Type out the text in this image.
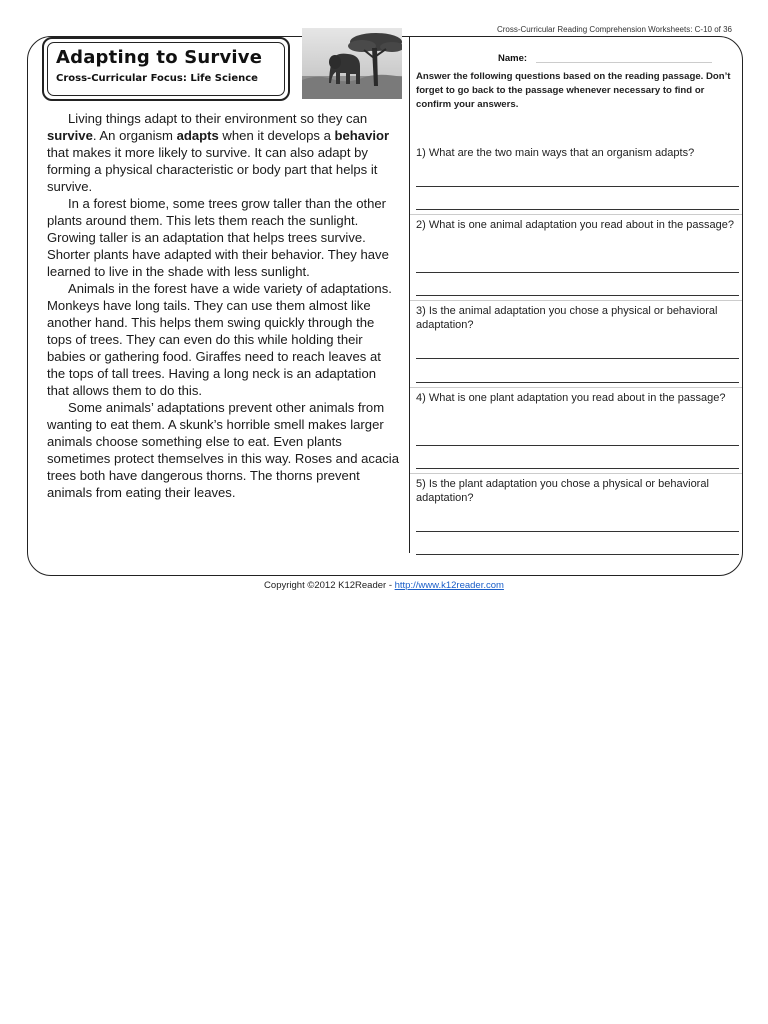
Cross-Curricular Reading Comprehension Worksheets: C-10 of 36
Adapting to Survive
Cross-Curricular Focus: Life Science

Living things adapt to their environment so they can survive. An organism adapts when it develops a behavior that makes it more likely to survive. It can also adapt by forming a physical characteristic or body part that helps it survive.

In a forest biome, some trees grow taller than the other plants around them. This lets them reach the sunlight. Growing taller is an adaptation that helps trees survive. Shorter plants have adapted with their behavior. They have learned to live in the shade with less sunlight.

Animals in the forest have a wide variety of adaptations. Monkeys have long tails. They can use them almost like another hand. This helps them swing quickly through the tops of trees. They can even do this while holding their babies or gathering food. Giraffes need to reach leaves at the tops of tall trees. Having a long neck is an adaptation that allows them to do this.

Some animals’ adaptations prevent other animals from wanting to eat them. A skunk’s horrible smell makes larger animals choose something else to eat. Even plants sometimes protect themselves in this way. Roses and acacia trees both have dangerous thorns. The thorns prevent animals from eating their leaves.

Name:
Answer the following questions based on the reading passage. Don’t forget to go back to the passage whenever necessary to find or confirm your answers.
1) What are the two main ways that an organism adapts?
2) What is one animal adaptation you read about in the passage?
3) Is the animal adaptation you chose a physical or behavioral adaptation?
4) What is one plant adaptation you read about in the passage?
5) Is the plant adaptation you chose a physical or behavioral adaptation?
Copyright ©2012 K12Reader - http://www.k12reader.com
